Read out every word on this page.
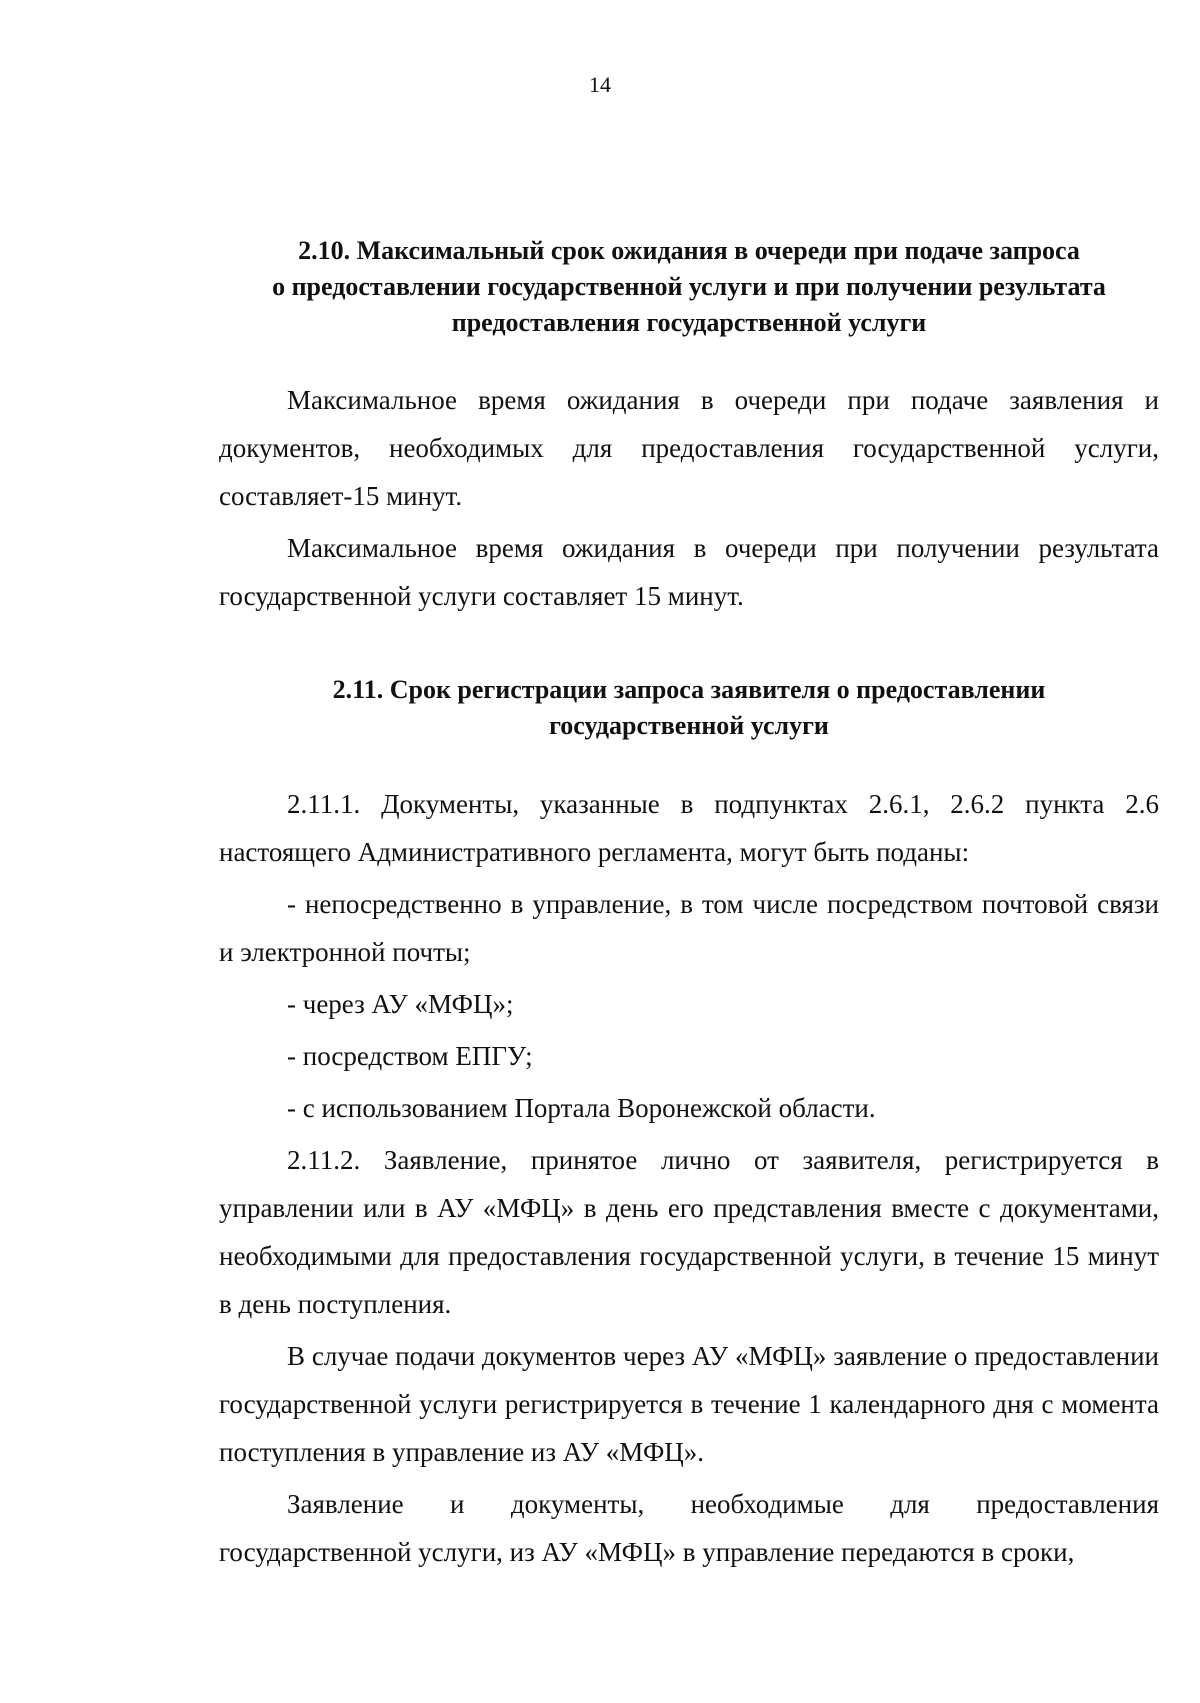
14
2.10. Максимальный срок ожидания в очереди при подаче запроса
о предоставлении государственной услуги и при получении результата
предоставления государственной услуги

Максимальное время ожидания в очереди при подаче заявления и документов, необходимых для предоставления государственной услуги, составляет-15 минут.

Максимальное время ожидания в очереди при получении результата государственной услуги составляет 15 минут.

2.11. Срок регистрации запроса заявителя о предоставлении
государственной услуги

2.11.1. Документы, указанные в подпунктах 2.6.1, 2.6.2 пункта 2.6 настоящего Административного регламента, могут быть поданы:

- непосредственно в управление, в том числе посредством почтовой связи и электронной почты;

- через АУ «МФЦ»;

- посредством ЕПГУ;

- с использованием Портала Воронежской области.

2.11.2. Заявление, принятое лично от заявителя, регистрируется в управлении или в АУ «МФЦ» в день его представления вместе с документами, необходимыми для предоставления государственной услуги, в течение 15 минут в день поступления.

В случае подачи документов через АУ «МФЦ» заявление о предоставлении государственной услуги регистрируется в течение 1 календарного дня с момента поступления в управление из АУ «МФЦ».

Заявление и документы, необходимые для предоставления государственной услуги, из АУ «МФЦ» в управление передаются в сроки,
